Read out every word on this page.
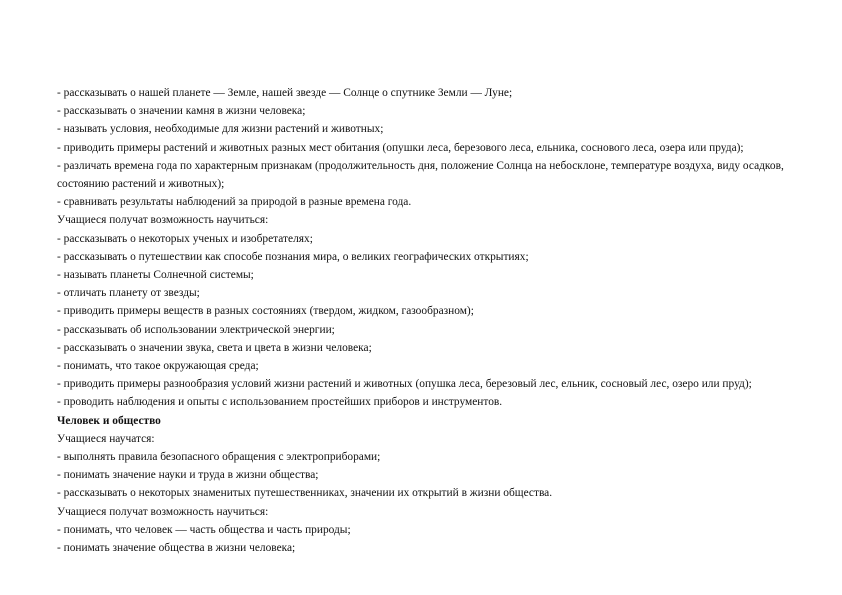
- рассказывать о нашей планете — Земле, нашей звезде — Солнце о спутнике Земли — Луне;

- рассказывать о значении камня в жизни человека;

- называть условия, необходимые для жизни растений и животных;

- приводить примеры растений и животных разных мест обитания (опушки леса, березового леса, ельника, соснового леса, озера или пруда);

- различать времена года по характерным признакам (продолжительность дня, положение Солнца на небосклоне, температуре воздуха, виду осадков, состоянию растений и животных);

- сравнивать результаты наблюдений за природой в разные времена года.

Учащиеся получат возможность научиться:

- рассказывать о некоторых ученых и изобретателях;

- рассказывать о путешествии как способе познания мира, о великих географических открытиях;

- называть планеты Солнечной системы;

- отличать планету от звезды;

- приводить примеры веществ в разных состояниях (твердом, жидком, газообразном);

- рассказывать об использовании электрической энергии;

- рассказывать о значении звука, света и цвета в жизни человека;

- понимать, что такое окружающая среда;

- приводить примеры разнообразия условий жизни растений и животных (опушка леса, березовый лес, ельник, сосновый лес, озеро или пруд);

- проводить наблюдения и опыты с использованием простейших приборов и инструментов.

Человек и общество

Учащиеся научатся:

- выполнять правила безопасного обращения с электроприборами;

- понимать значение науки и труда в жизни общества;

- рассказывать о некоторых знаменитых путешественниках, значении их открытий в жизни общества.

Учащиеся получат возможность научиться:

- понимать, что человек — часть общества и часть природы;

- понимать значение общества в жизни человека;
